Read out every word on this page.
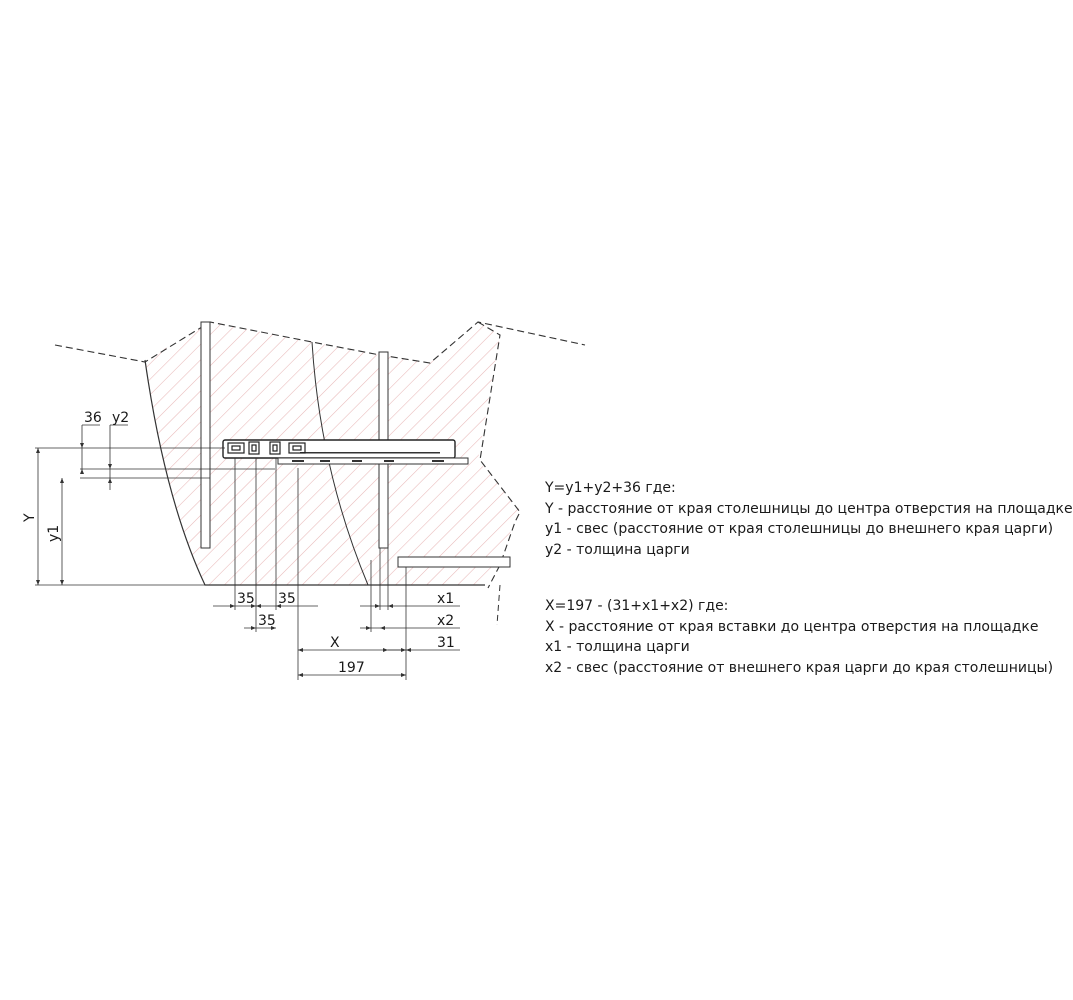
36 y2
Y
y1
35 35
35
X
197
x1
x2
31
Y=y1+y2+36 где:
Y - расстояние от края столешницы до центра отверстия на площадке
y1 - свес (расстояние от края столешницы до внешнего края царги)
y2 - толщина царги
X=197 - (31+x1+x2) где:
X - расстояние от края вставки до центра отверстия на площадке
x1 - толщина царги
x2 - свес (расстояние от внешнего края царги до края столешницы)
